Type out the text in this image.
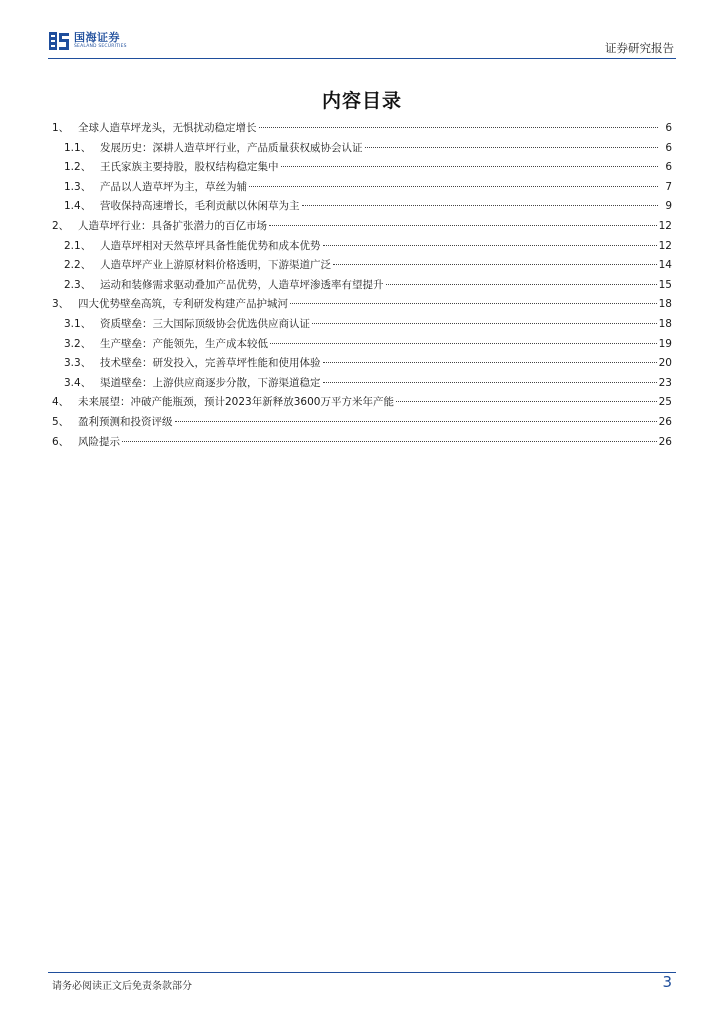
国海证券
SEALAND SECURITIES	证券研究报告
内容目录
1、 全球人造草坪龙头，无惧扰动稳定增长	6
1.1、 发展历史：深耕人造草坪行业，产品质量获权威协会认证	6
1.2、 王氏家族主要持股，股权结构稳定集中	6
1.3、 产品以人造草坪为主，草丝为辅	7
1.4、 营收保持高速增长，毛利贡献以休闲草为主	9
2、 人造草坪行业：具备扩张潜力的百亿市场	12
2.1、 人造草坪相对天然草坪具备性能优势和成本优势	12
2.2、 人造草坪产业上游原材料价格透明，下游渠道广泛	14
2.3、 运动和装修需求驱动叠加产品优势，人造草坪渗透率有望提升	15
3、 四大优势壁垒高筑，专利研发构建产品护城河	18
3.1、 资质壁垒：三大国际顶级协会优选供应商认证	18
3.2、 生产壁垒：产能领先，生产成本较低	19
3.3、 技术壁垒：研发投入，完善草坪性能和使用体验	20
3.4、 渠道壁垒：上游供应商逐步分散，下游渠道稳定	23
4、 未来展望：冲破产能瓶颈，预计2023年新释放3600万平方米年产能	25
5、 盈利预测和投资评级	26
6、 风险提示	26
请务必阅读正文后免责条款部分	3
